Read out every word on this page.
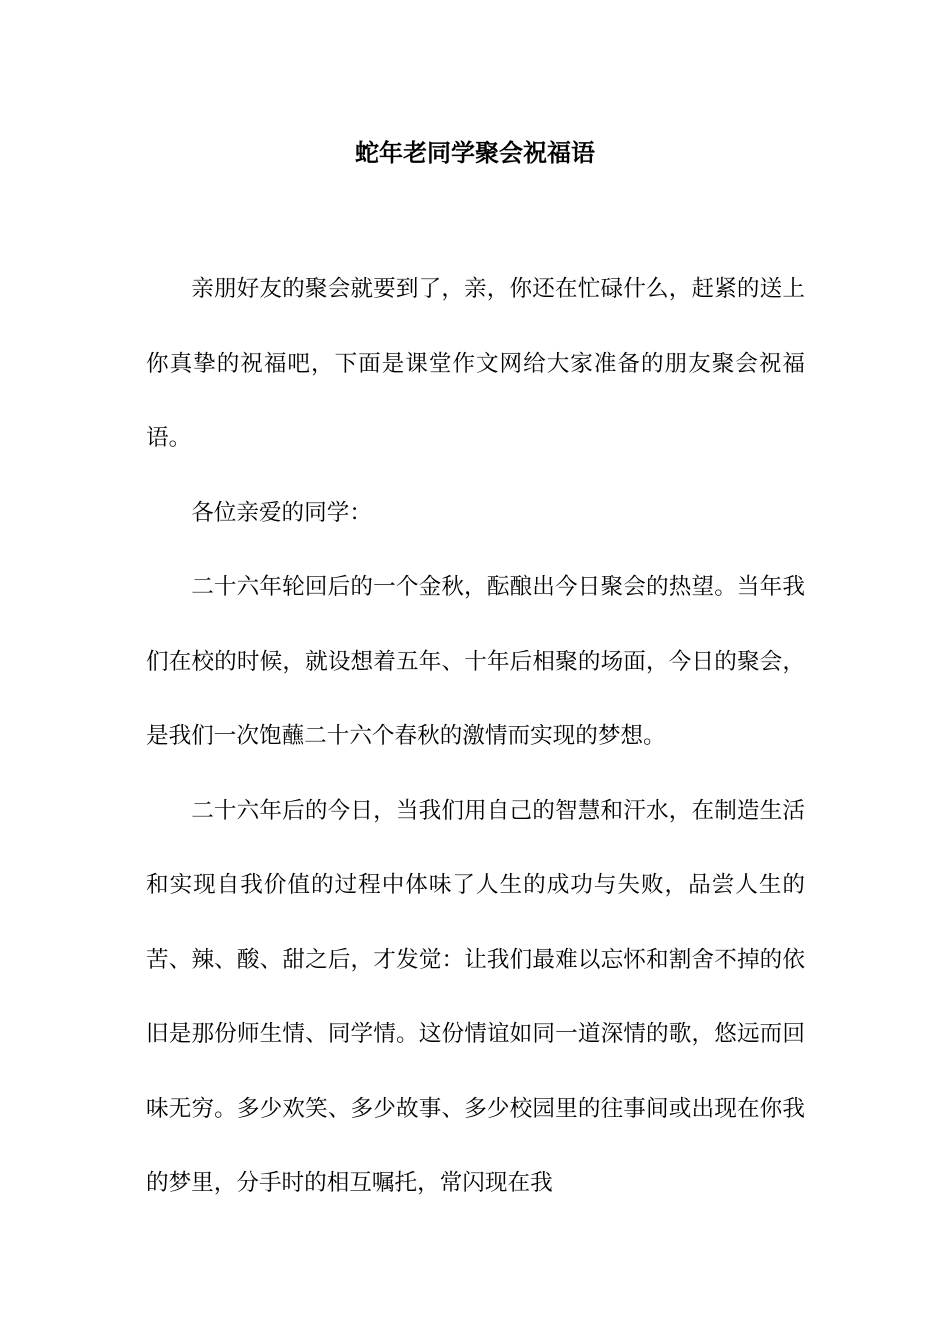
蛇年老同学聚会祝福语

亲朋好友的聚会就要到了，亲，你还在忙碌什么，赶紧的送上你真挚的祝福吧，下面是课堂作文网给大家准备的朋友聚会祝福语。

各位亲爱的同学：

二十六年轮回后的一个金秋，酝酿出今日聚会的热望。当年我们在校的时候，就设想着五年、十年后相聚的场面，今日的聚会，是我们一次饱蘸二十六个春秋的激情而实现的梦想。

二十六年后的今日，当我们用自己的智慧和汗水，在制造生活和实现自我价值的过程中体味了人生的成功与失败，品尝人生的苦、辣、酸、甜之后，才发觉：让我们最难以忘怀和割舍不掉的依旧是那份师生情、同学情。这份情谊如同一道深情的歌，悠远而回味无穷。多少欢笑、多少故事、多少校园里的往事间或出现在你我的梦里，分手时的相互嘱托，常闪现在我
